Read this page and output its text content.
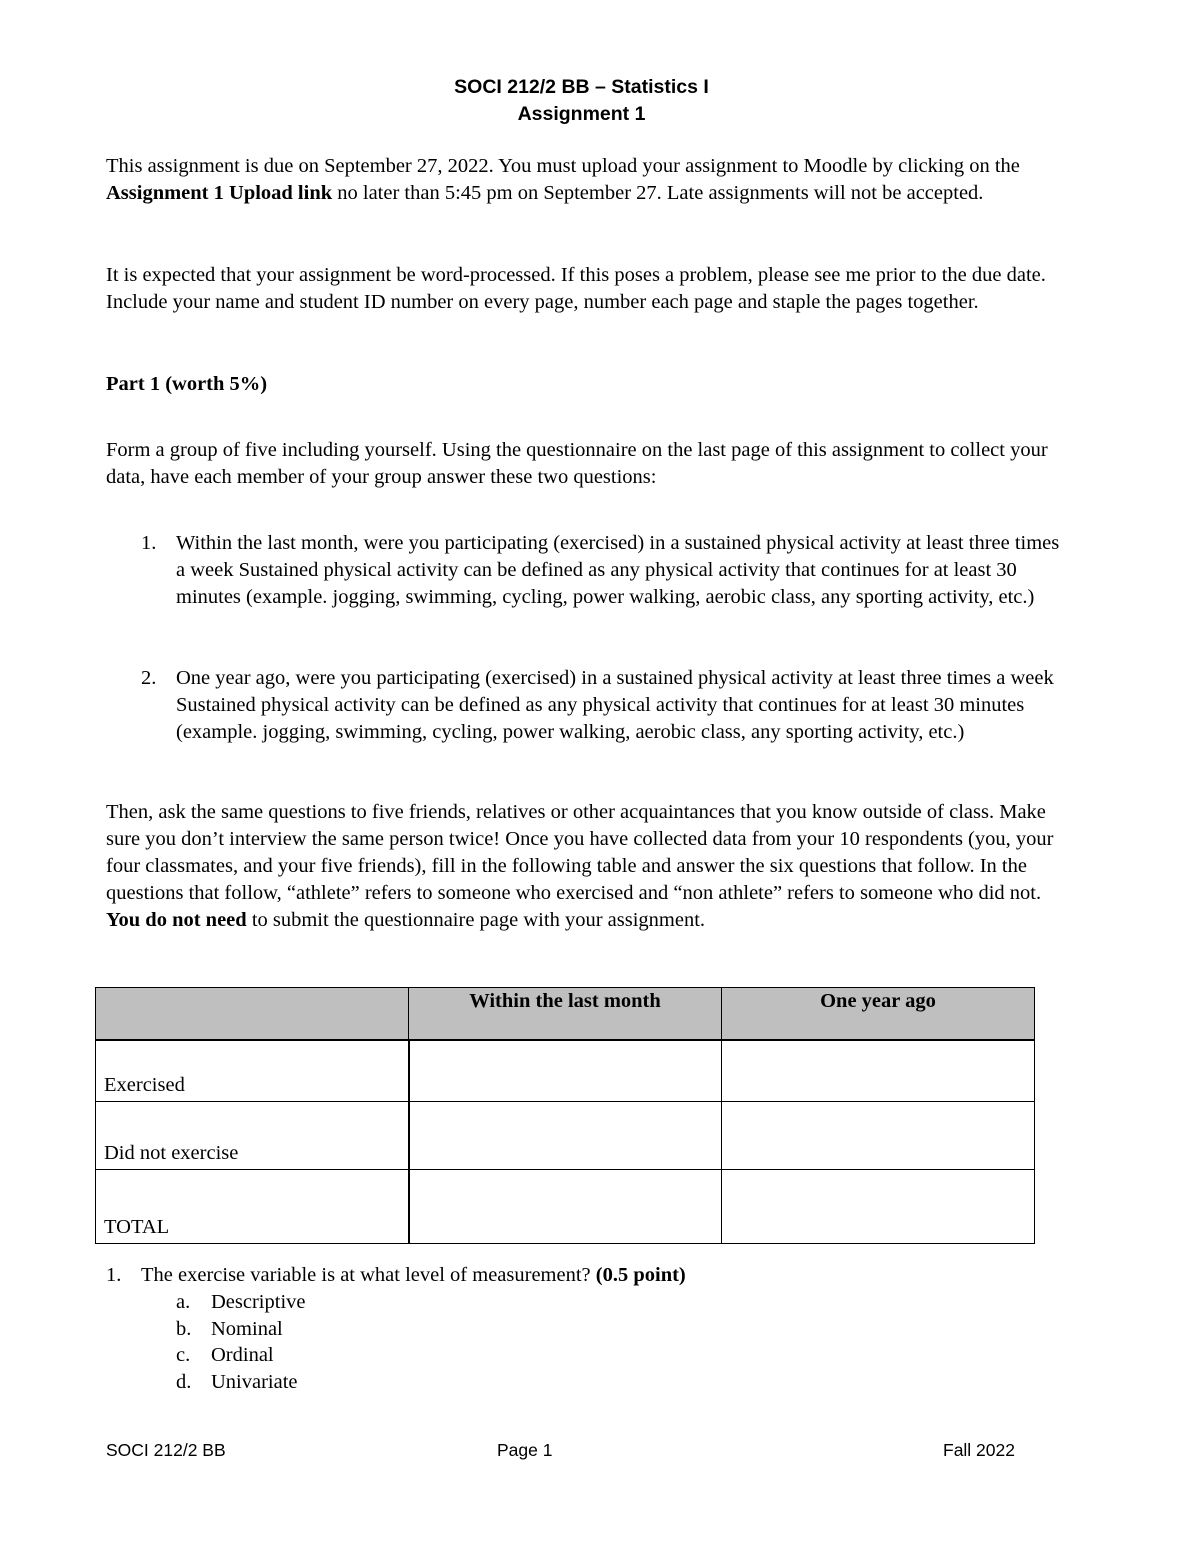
SOCI 212/2 BB – Statistics I
Assignment 1

This assignment is due on September 27, 2022. You must upload your assignment to Moodle by clicking on the Assignment 1 Upload link no later than 5:45 pm on September 27. Late assignments will not be accepted.

It is expected that your assignment be word-processed. If this poses a problem, please see me prior to the due date. Include your name and student ID number on every page, number each page and staple the pages together.

Part 1 (worth 5%)

Form a group of five including yourself. Using the questionnaire on the last page of this assignment to collect your data, have each member of your group answer these two questions:

1. Within the last month, were you participating (exercised) in a sustained physical activity at least three times a week Sustained physical activity can be defined as any physical activity that continues for at least 30 minutes (example. jogging, swimming, cycling, power walking, aerobic class, any sporting activity, etc.)
2. One year ago, were you participating (exercised) in a sustained physical activity at least three times a week Sustained physical activity can be defined as any physical activity that continues for at least 30 minutes (example. jogging, swimming, cycling, power walking, aerobic class, any sporting activity, etc.)

Then, ask the same questions to five friends, relatives or other acquaintances that you know outside of class. Make sure you don’t interview the same person twice! Once you have collected data from your 10 respondents (you, your four classmates, and your five friends), fill in the following table and answer the six questions that follow. In the questions that follow, “athlete” refers to someone who exercised and “non athlete” refers to someone who did not. You do not need to submit the questionnaire page with your assignment.

	Within the last month	One year ago
Exercised		
Did not exercise		
TOTAL		
1. The exercise variable is at what level of measurement? (0.5 point)
a. Descriptive
b. Nominal
c. Ordinal
d. Univariate
SOCI 212/2 BB	Page 1	Fall 2022
